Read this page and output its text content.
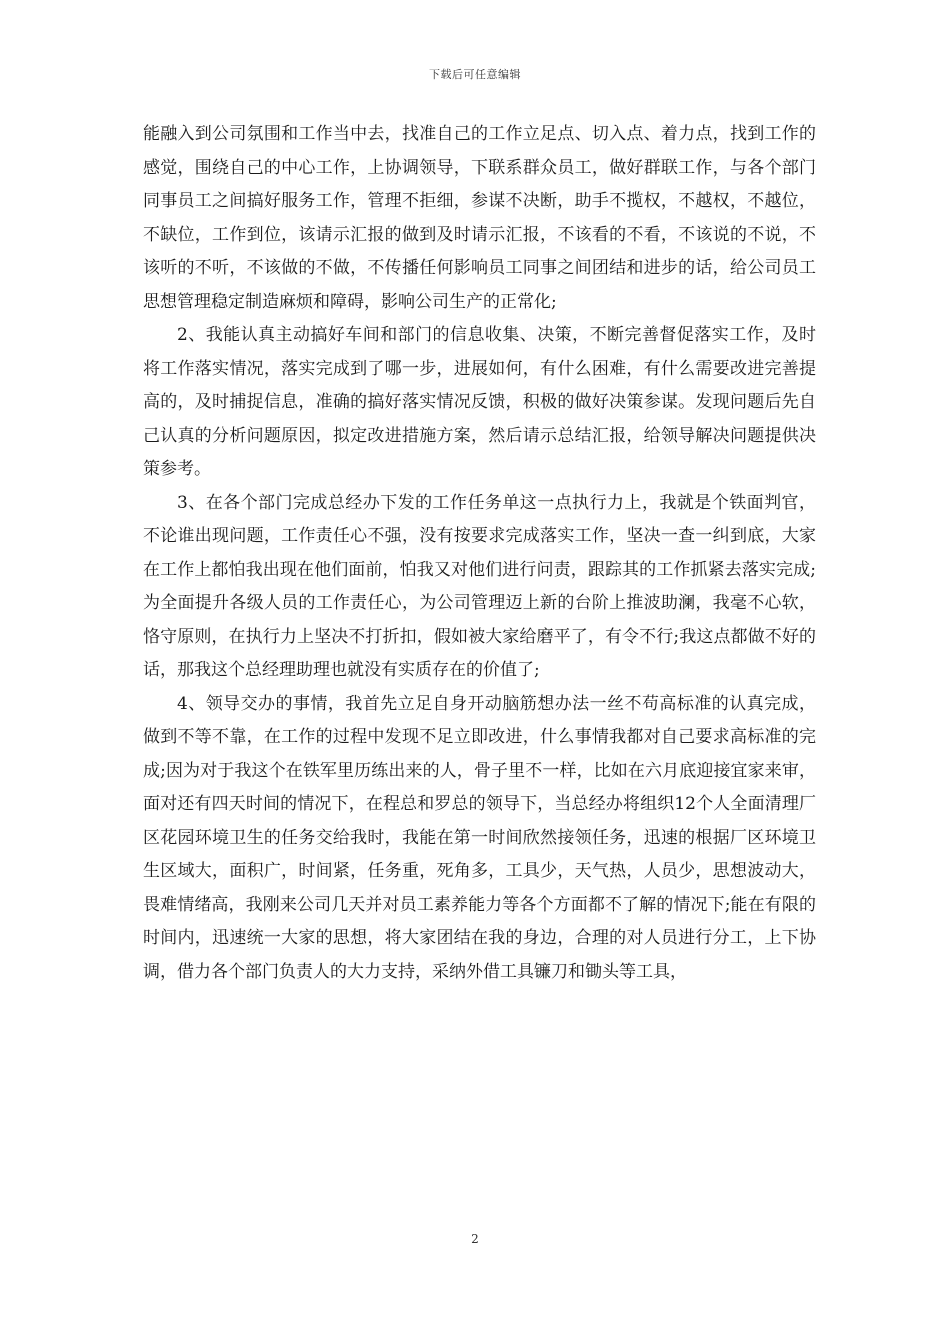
下载后可任意编辑

能融入到公司氛围和工作当中去，找准自己的工作立足点、切入点、着力点，找到工作的感觉，围绕自己的中心工作，上协调领导，下联系群众员工，做好群联工作，与各个部门同事员工之间搞好服务工作，管理不拒细，参谋不决断，助手不揽权，不越权，不越位，不缺位，工作到位，该请示汇报的做到及时请示汇报，不该看的不看，不该说的不说，不该听的不听，不该做的不做，不传播任何影响员工同事之间团结和进步的话，给公司员工思想管理稳定制造麻烦和障碍，影响公司生产的正常化;

2、我能认真主动搞好车间和部门的信息收集、决策，不断完善督促落实工作，及时将工作落实情况，落实完成到了哪一步，进展如何，有什么困难，有什么需要改进完善提高的，及时捕捉信息，准确的搞好落实情况反馈，积极的做好决策参谋。发现问题后先自己认真的分析问题原因，拟定改进措施方案，然后请示总结汇报，给领导解决问题提供决策参考。

3、在各个部门完成总经办下发的工作任务单这一点执行力上，我就是个铁面判官，不论谁出现问题，工作责任心不强，没有按要求完成落实工作，坚决一查一纠到底，大家在工作上都怕我出现在他们面前，怕我又对他们进行问责，跟踪其的工作抓紧去落实完成;为全面提升各级人员的工作责任心，为公司管理迈上新的台阶上推波助澜，我毫不心软，恪守原则，在执行力上坚决不打折扣，假如被大家给磨平了，有令不行;我这点都做不好的话，那我这个总经理助理也就没有实质存在的价值了;

4、领导交办的事情，我首先立足自身开动脑筋想办法一丝不苟高标准的认真完成，做到不等不靠，在工作的过程中发现不足立即改进，什么事情我都对自己要求高标准的完成;因为对于我这个在铁军里历练出来的人，骨子里不一样，比如在六月底迎接宜家来审，面对还有四天时间的情况下，在程总和罗总的领导下，当总经办将组织12个人全面清理厂区花园环境卫生的任务交给我时，我能在第一时间欣然接领任务，迅速的根据厂区环境卫生区域大，面积广，时间紧，任务重，死角多，工具少，天气热，人员少，思想波动大，畏难情绪高，我刚来公司几天并对员工素养能力等各个方面都不了解的情况下;能在有限的时间内，迅速统一大家的思想，将大家团结在我的身边，合理的对人员进行分工，上下协调，借力各个部门负责人的大力支持，采纳外借工具镰刀和锄头等工具，

2
